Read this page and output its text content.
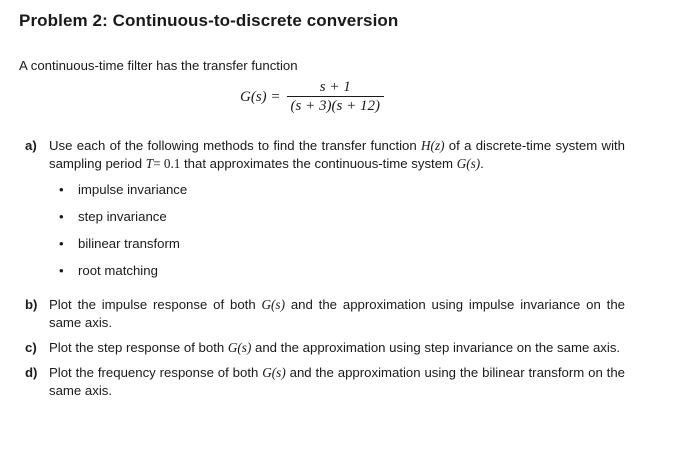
Problem 2: Continuous-to-discrete conversion
A continuous-time filter has the transfer function
$G(s) = \frac{s + 1}{(s + 3)(s + 12)}$
a) Use each of the following methods to find the transfer function H(z) of a discrete-time system with sampling period T= 0.1 that approximates the continuous-time system G(s).
• impulse invariance
• step invariance
• bilinear transform
• root matching
b) Plot the impulse response of both G(s) and the approximation using impulse invariance on the same axis.
c) Plot the step response of both G(s) and the approximation using step invariance on the same axis.
d) Plot the frequency response of both G(s) and the approximation using the bilinear transform on the same axis.
